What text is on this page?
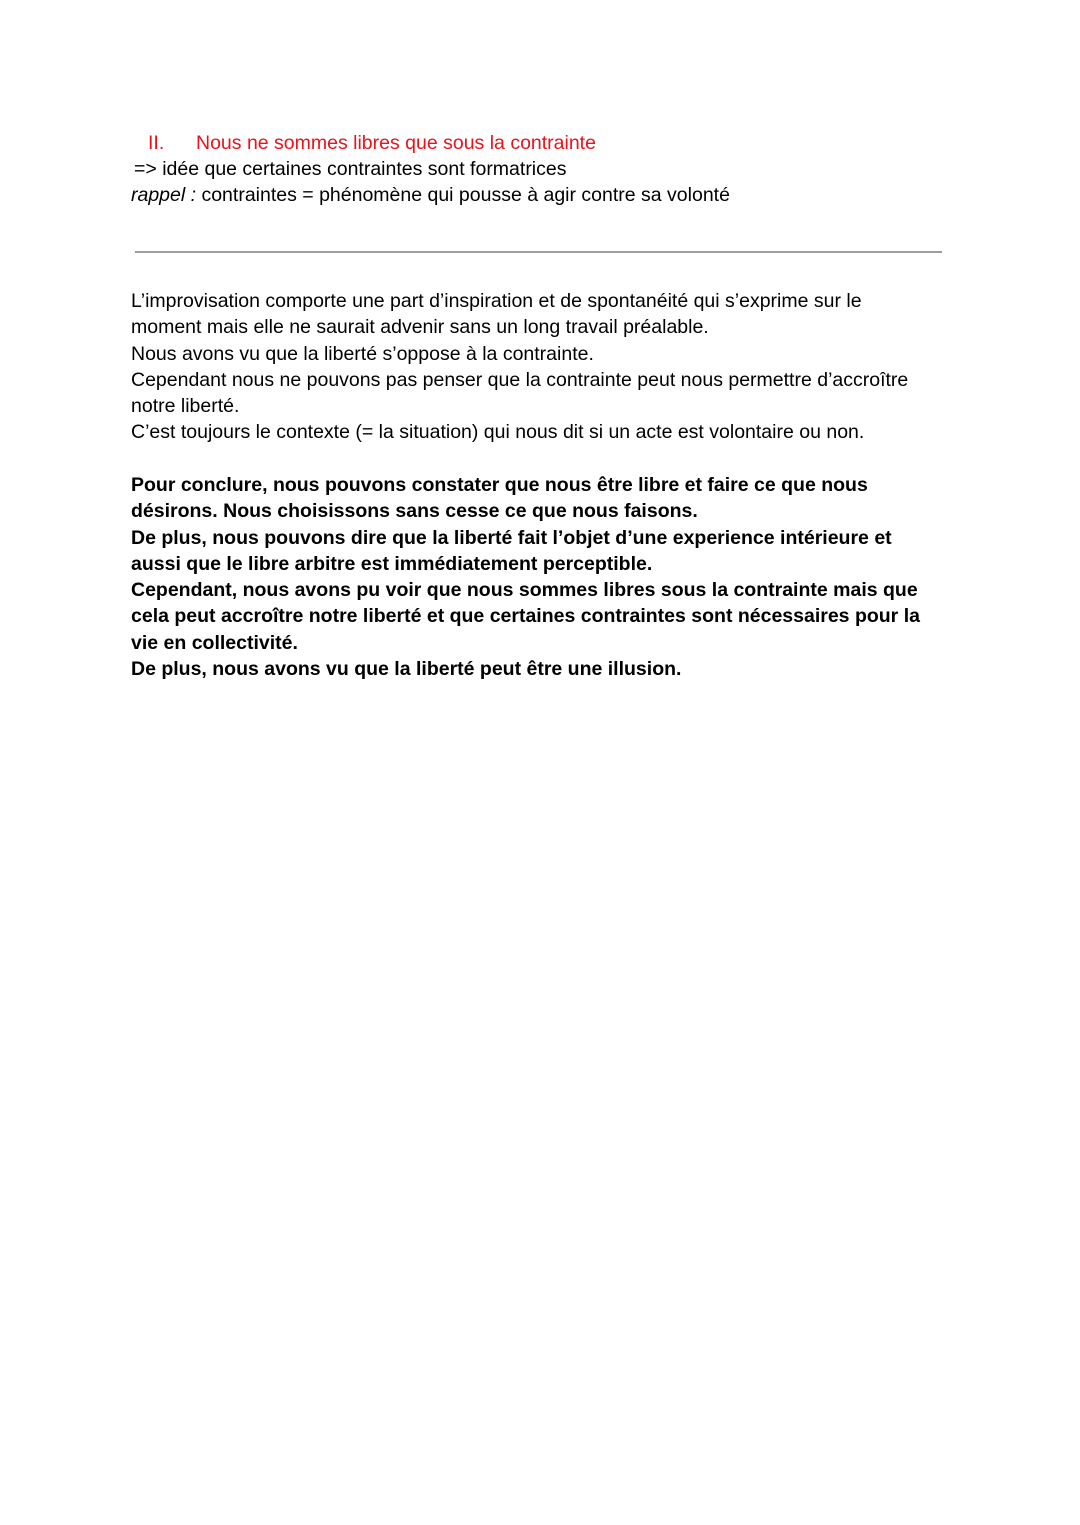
II. Nous ne sommes libres que sous la contrainte
=> idée que certaines contraintes sont formatrices
rappel : contraintes = phénomène qui pousse à agir contre sa volonté
L’improvisation comporte une part d’inspiration et de spontanéité qui s’exprime sur le
moment mais elle ne saurait advenir sans un long travail préalable.
Nous avons vu que la liberté s’oppose à la contrainte.
Cependant nous ne pouvons pas penser que la contrainte peut nous permettre d’accroître
notre liberté.
C’est toujours le contexte (= la situation) qui nous dit si un acte est volontaire ou non.
Pour conclure, nous pouvons constater que nous être libre et faire ce que nous
désirons. Nous choisissons sans cesse ce que nous faisons.
De plus, nous pouvons dire que la liberté fait l’objet d’une experience intérieure et
aussi que le libre arbitre est immédiatement perceptible.
Cependant, nous avons pu voir que nous sommes libres sous la contrainte mais que
cela peut accroître notre liberté et que certaines contraintes sont nécessaires pour la
vie en collectivité.
De plus, nous avons vu que la liberté peut être une illusion.
